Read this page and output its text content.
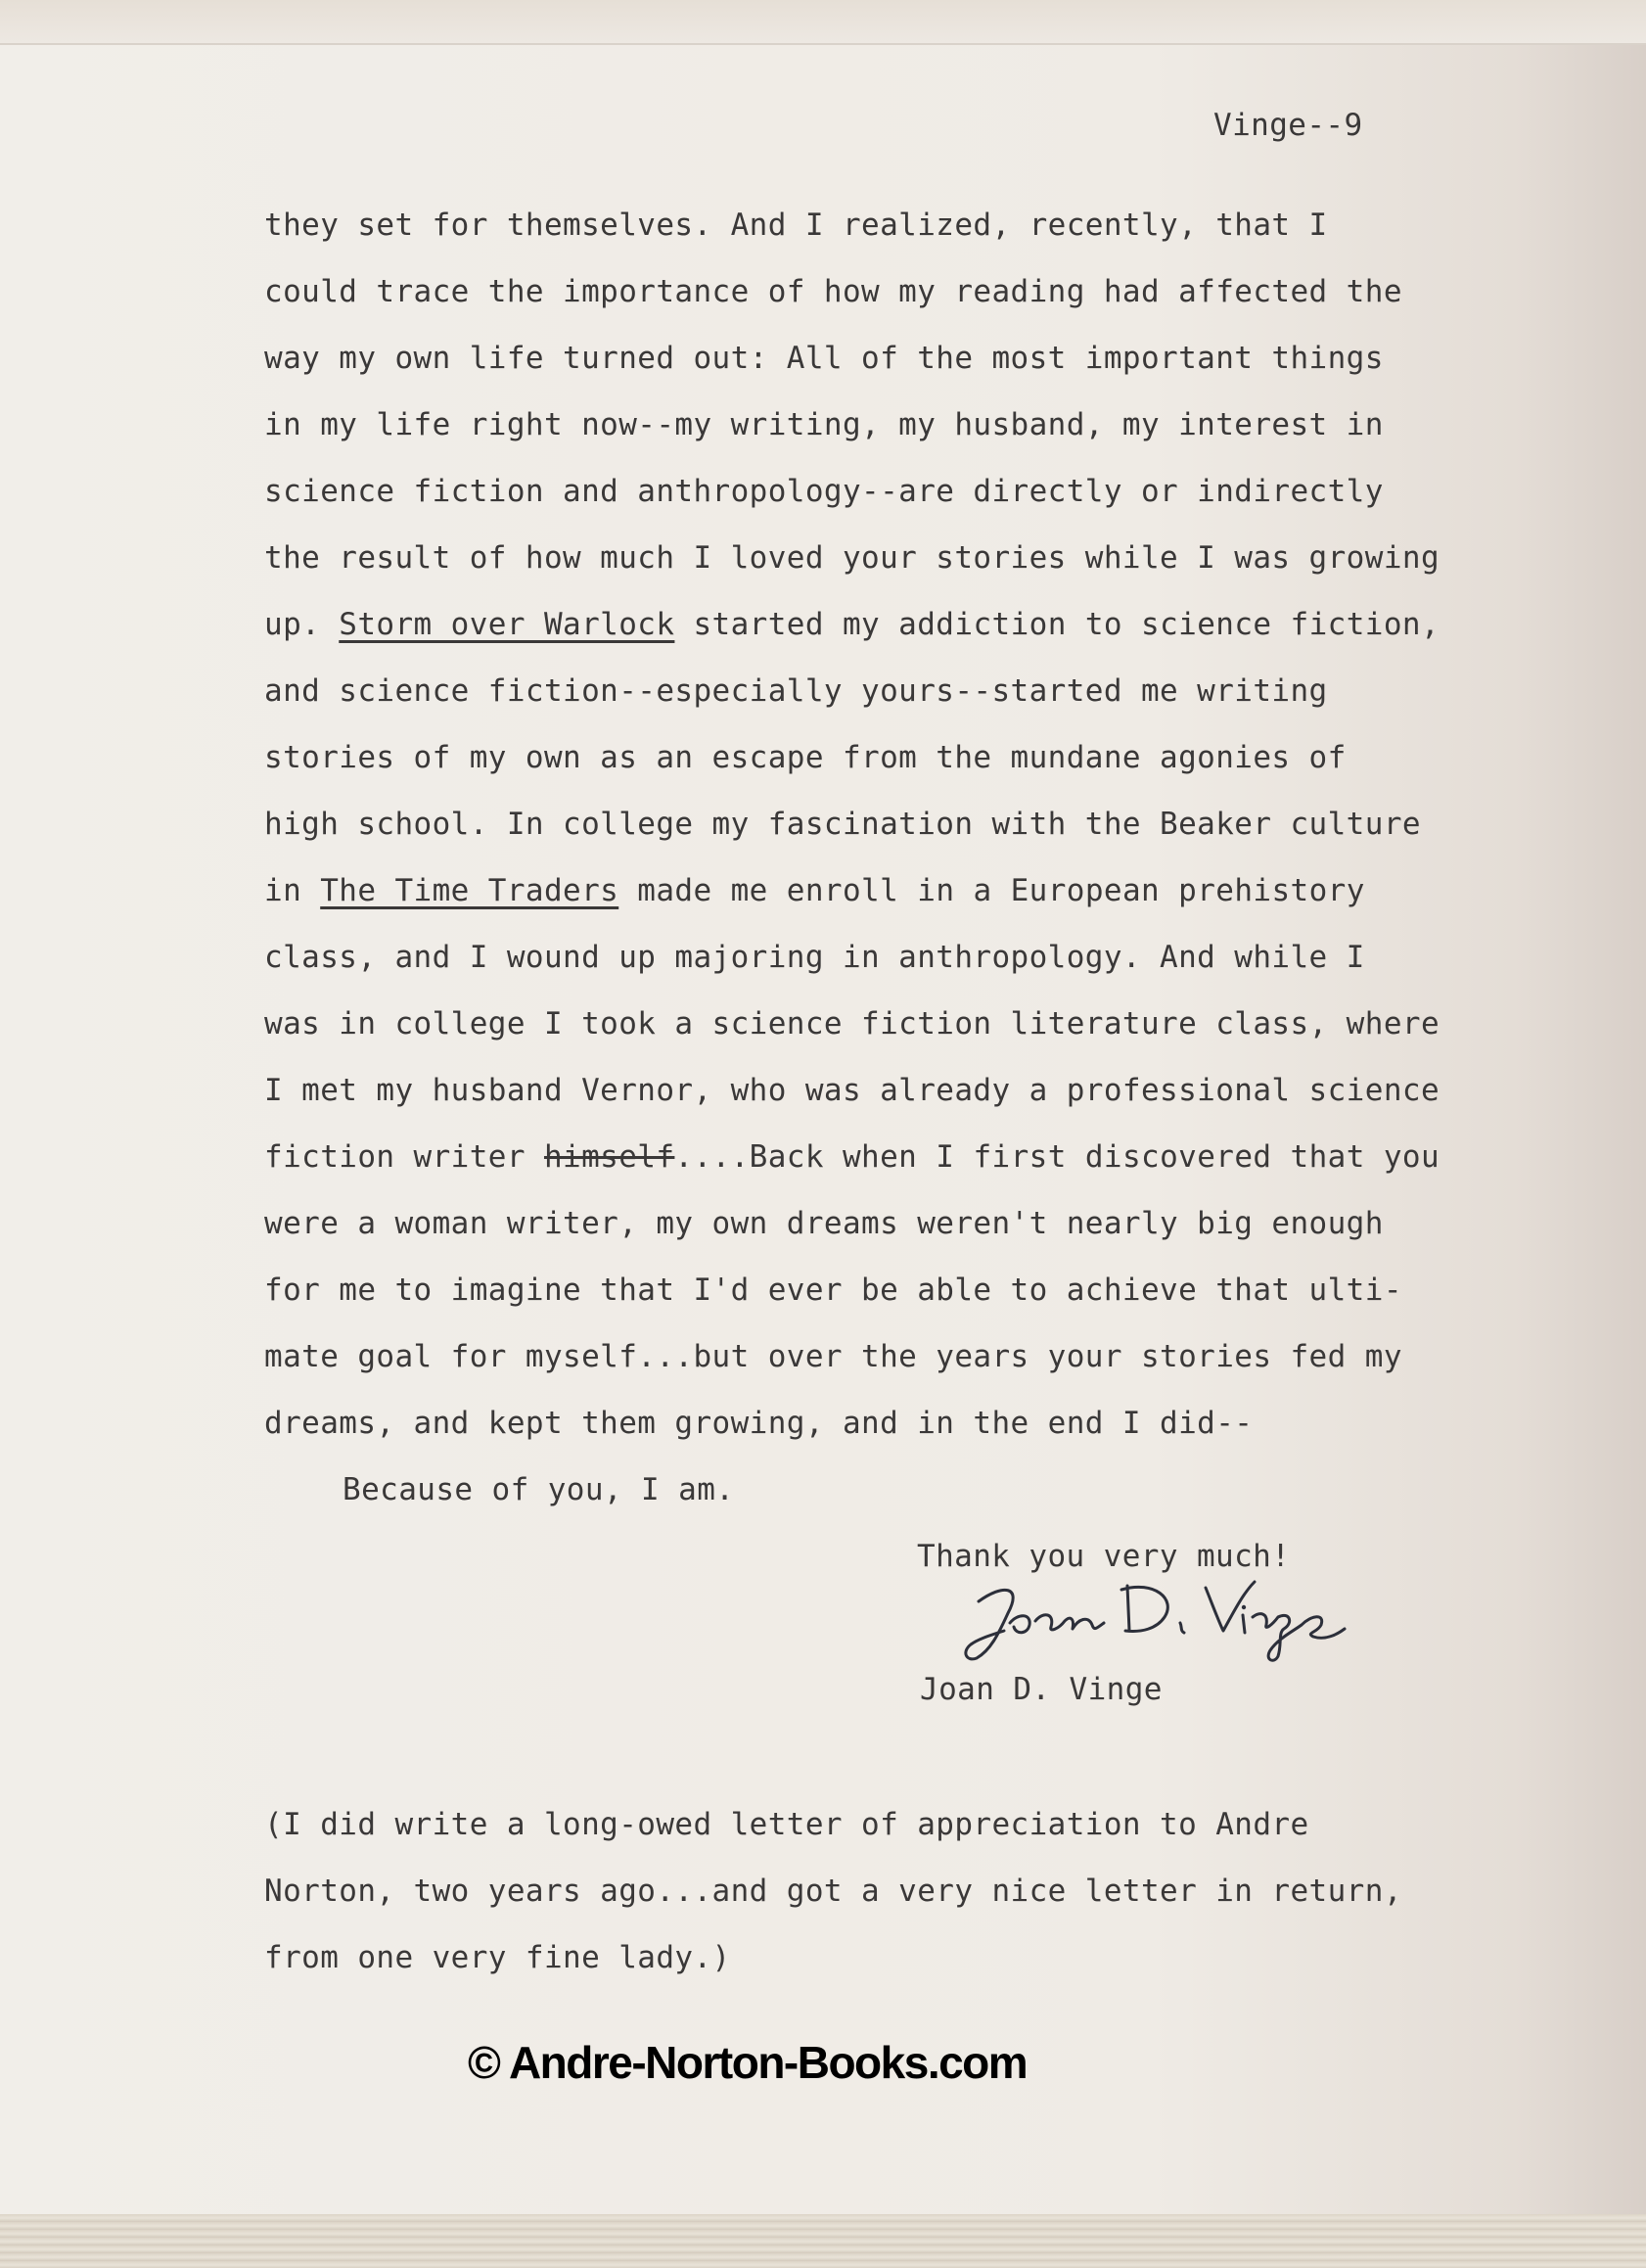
Vinge--9
they set for themselves. And I realized, recently, that I
could trace the importance of how my reading had affected the
way my own life turned out: All of the most important things
in my life right now--my writing, my husband, my interest in
science fiction and anthropology--are directly or indirectly
the result of how much I loved your stories while I was growing
up. Storm over Warlock started my addiction to science fiction,
and science fiction--especially yours--started me writing
stories of my own as an escape from the mundane agonies of
high school. In college my fascination with the Beaker culture
in The Time Traders made me enroll in a European prehistory
class, and I wound up majoring in anthropology. And while I
was in college I took a science fiction literature class, where
I met my husband Vernor, who was already a professional science
fiction writer himself....Back when I first discovered that you
were a woman writer, my own dreams weren't nearly big enough
for me to imagine that I'd ever be able to achieve that ulti-
mate goal for myself...but over the years your stories fed my
dreams, and kept them growing, and in the end I did--
Because of you, I am.
Thank you very much!
Joan D. Vinge
(I did write a long-owed letter of appreciation to Andre
Norton, two years ago...and got a very nice letter in return,
from one very fine lady.)
© Andre-Norton-Books.com
